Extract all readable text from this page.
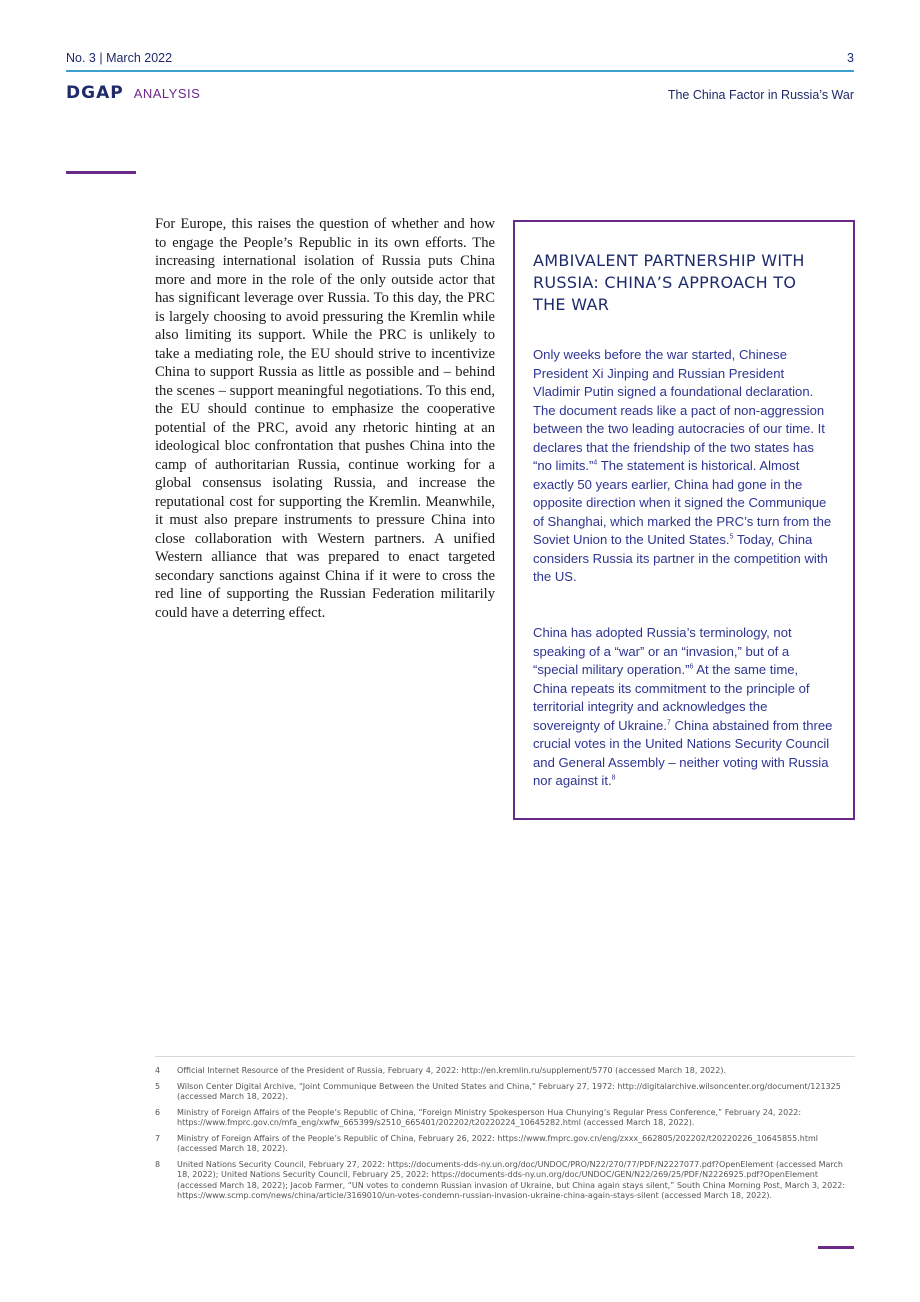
No. 3 | March 2022	3
DGAP ANALYSIS	The China Factor in Russia’s War

For Europe, this raises the question of whether and how to engage the People’s Republic in its own efforts. The increasing international isolation of Russia puts China more and more in the role of the only outside actor that has significant leverage over Russia. To this day, the PRC is largely choosing to avoid pressuring the Kremlin while also limiting its support. While the PRC is unlikely to take a mediating role, the EU should strive to incentivize China to support Russia as little as possible and – behind the scenes – support meaningful negotiations. To this end, the EU should continue to emphasize the cooperative potential of the PRC, avoid any rhetoric hinting at an ideological bloc confrontation that pushes China into the camp of authoritarian Russia, continue working for a global consensus isolating Russia, and increase the reputational cost for supporting the Kremlin. Meanwhile, it must also prepare instruments to pressure China into close collaboration with Western partners. A unified Western alliance that was prepared to enact targeted secondary sanctions against China if it were to cross the red line of supporting the Russian Federation militarily could have a deterring effect.

AMBIVALENT PARTNERSHIP WITH RUSSIA: CHINA’S APPROACH TO THE WAR

Only weeks before the war started, Chinese President Xi Jinping and Russian President Vladimir Putin signed a foundational declaration. The document reads like a pact of non-aggression between the two leading autocracies of our time. It declares that the friendship of the two states has “no limits.”$^4$ The statement is historical. Almost exactly 50 years earlier, China had gone in the opposite direction when it signed the Communique of Shanghai, which marked the PRC’s turn from the Soviet Union to the United States.$^5$ Today, China considers Russia its partner in the competition with the US.

China has adopted Russia’s terminology, not speaking of a “war” or an “invasion,” but of a “special military operation.”$^6$ At the same time, China repeats its commitment to the principle of territorial integrity and acknowledges the sovereignty of Ukraine.$^7$ China abstained from three crucial votes in the United Nations Security Council and General Assembly – neither voting with Russia nor against it.$^8$

4 Official Internet Resource of the President of Russia, February 4, 2022: http://en.kremlin.ru/supplement/5770 (accessed March 18, 2022).
5 Wilson Center Digital Archive, “Joint Communique Between the United States and China,” February 27, 1972: http://digitalarchive.wilsoncenter.org/document/121325 (accessed March 18, 2022).
6 Ministry of Foreign Affairs of the People’s Republic of China, “Foreign Ministry Spokesperson Hua Chunying’s Regular Press Conference,” February 24, 2022: https://www.fmprc.gov.cn/mfa_eng/xwfw_665399/s2510_665401/202202/t20220224_10645282.html (accessed March 18, 2022).
7 Ministry of Foreign Affairs of the People’s Republic of China, February 26, 2022: https://www.fmprc.gov.cn/eng/zxxx_662805/202202/t20220226_10645855.html (accessed March 18, 2022).
8 United Nations Security Council, February 27, 2022: https://documents-dds-ny.un.org/doc/UNDOC/PRO/N22/270/77/PDF/N2227077.pdf?OpenElement (accessed March 18, 2022); United Nations Security Council, February 25, 2022: https://documents-dds-ny.un.org/doc/UNDOC/GEN/N22/269/25/PDF/N2226925.pdf?OpenElement (accessed March 18, 2022); Jacob Farmer, “UN votes to condemn Russian invasion of Ukraine, but China again stays silent,” South China Morning Post, March 3, 2022: https://www.scmp.com/news/china/article/3169010/un-votes-condemn-russian-invasion-ukraine-china-again-stays-silent (accessed March 18, 2022).
